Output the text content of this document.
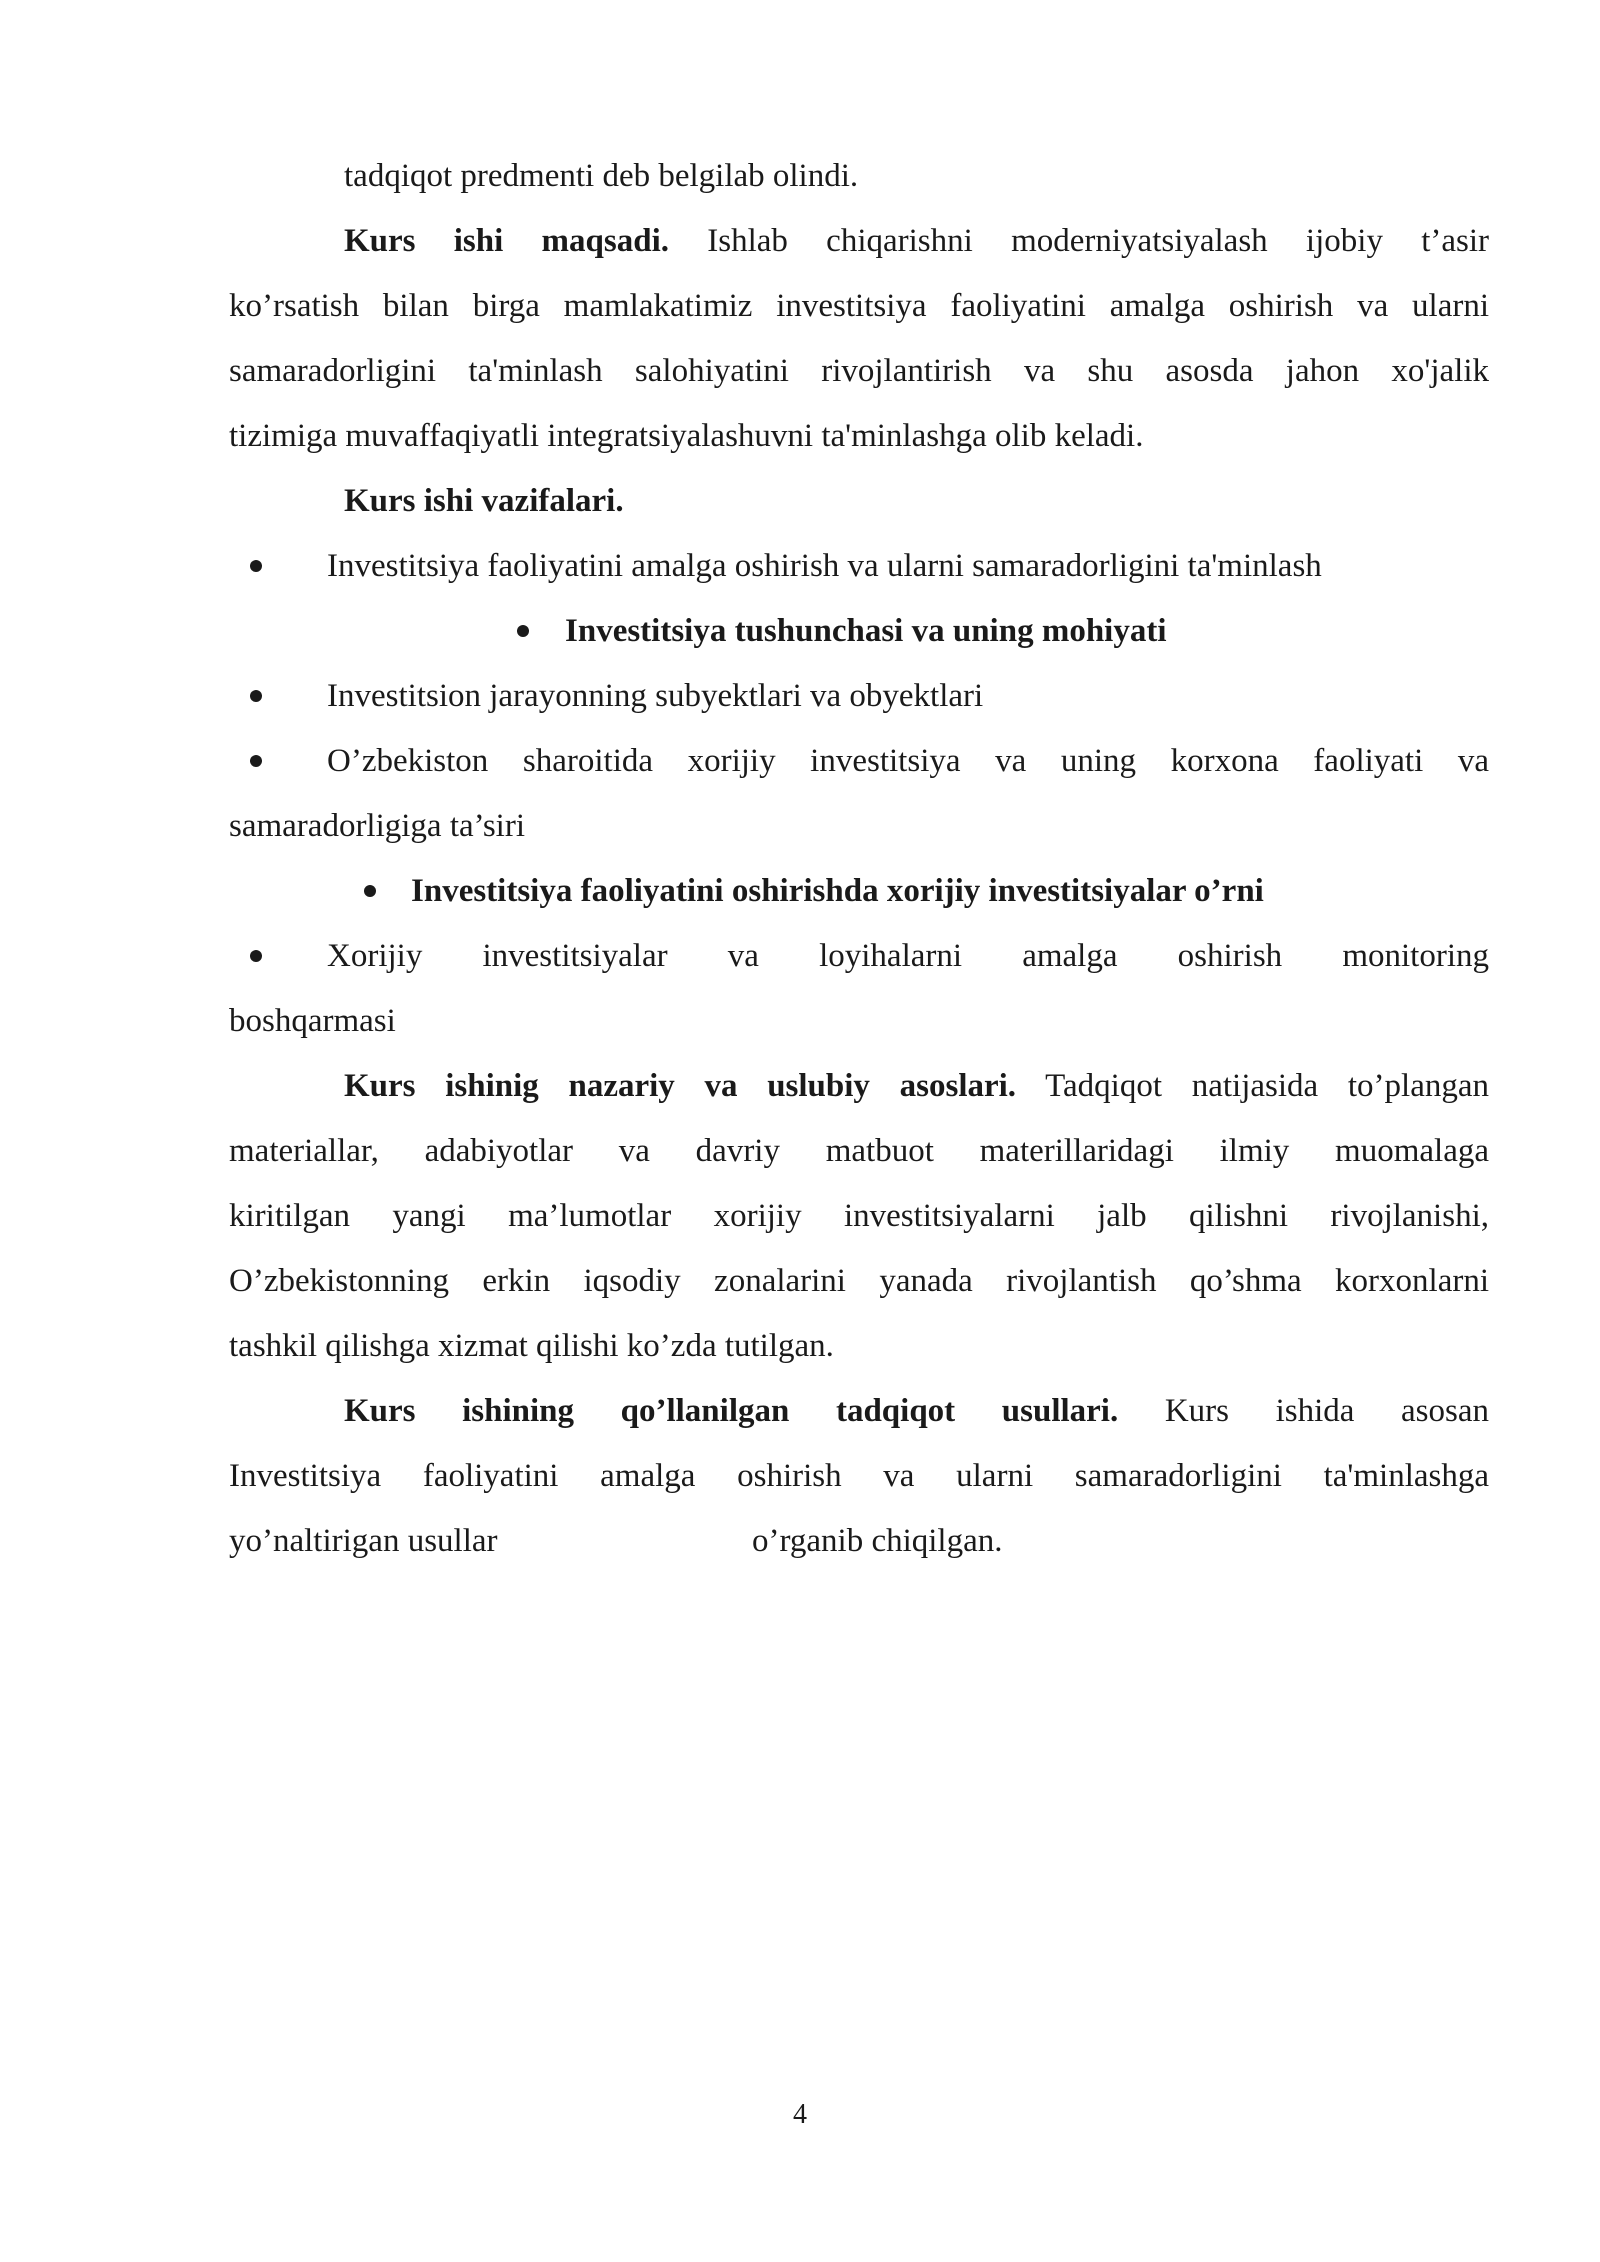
tadqiqot predmenti deb belgilab olindi.
Kurs ishi maqsadi. Ishlab chiqarishni moderniyatsiyalash ijobiy t’asir
ko’rsatish bilan birga mamlakatimiz investitsiya faoliyatini amalga oshirish va ularni
samaradorligini ta'minlash salohiyatini rivojlantirish va shu asosda jahon xo'jalik
tizimiga muvaffaqiyatli integratsiyalashuvni ta'minlashga olib keladi.
Kurs ishi vazifalari.
Investitsiya faoliyatini amalga oshirish va ularni samaradorligini ta'minlash
Investitsiya tushunchasi va uning mohiyati
Investitsion jarayonning subyektlari va obyektlari
O’zbekiston sharoitida xorijiy investitsiya va uning korxona faoliyati va
samaradorligiga ta’siri
Investitsiya faoliyatini oshirishda xorijiy investitsiyalar o’rni
Xorijiy investitsiyalar va loyihalarni amalga oshirish monitoring
boshqarmasi
Kurs ishinig nazariy va uslubiy asoslari. Tadqiqot natijasida to’plangan
materiallar, adabiyotlar va davriy matbuot materillaridagi ilmiy muomalaga
kiritilgan yangi ma’lumotlar xorijiy investitsiyalarni jalb qilishni rivojlanishi,
O’zbekistonning erkin iqsodiy zonalarini yanada rivojlantish qo’shma korxonlarni
tashkil qilishga xizmat qilishi ko’zda tutilgan.
Kurs ishining qo’llanilgan tadqiqot usullari. Kurs ishida asosan
Investitsiya faoliyatini amalga oshirish va ularni samaradorligini ta'minlashga
yo’naltirigan usullar	o’rganib chiqilgan.
4
